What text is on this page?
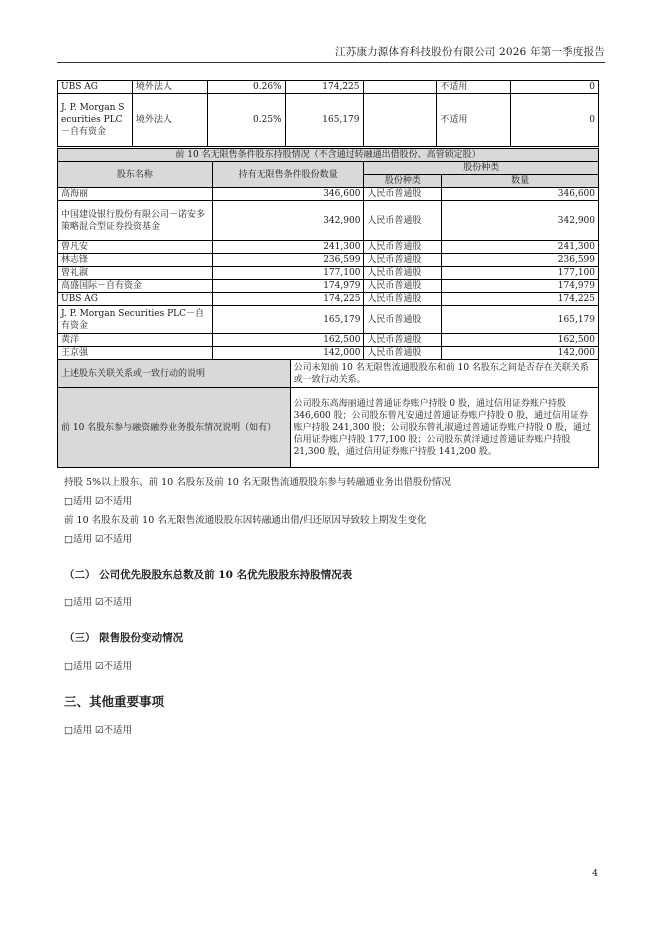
江苏康力源体育科技股份有限公司 2026 年第一季度报告
UBS AG	境外法人	0.26%	174,225		不适用	0
J. P. Morgan Securities PLC－自有资金	境外法人	0.25%	165,179		不适用	0
前 10 名无限售条件股东持股情况（不含通过转融通出借股份、高管锁定股）				
股东名称	持有无限售条件股份数量		股份种类	
			股份种类	数量
高海丽	346,600		人民币普通股	346,600
中国建设银行股份有限公司－诺安多策略混合型证券投资基金	342,900		人民币普通股	342,900
曾凡安	241,300		人民币普通股	241,300
林志锋	236,599		人民币普通股	236,599
曾礼淑	177,100		人民币普通股	177,100
高盛国际－自有资金	174,979		人民币普通股	174,979
UBS AG	174,225		人民币普通股	174,225
J. P. Morgan Securities PLC－自有资金	165,179		人民币普通股	165,179
黄洋	162,500		人民币普通股	162,500
王京强	142,000		人民币普通股	142,000
上述股东关联关系或一致行动的说明		公司未知前 10 名无限售流通股股东和前 10 名股东之间是否存在关联关系或一致行动关系。		
前 10 名股东参与融资融券业务股东情况说明（如有）		公司股东高海丽通过普通证券账户持股 0 股，通过信用证券账户持股 346,600 股；公司股东曾凡安通过普通证券账户持股 0 股，通过信用证券账户持股 241,300 股；公司股东曾礼淑通过普通证券账户持股 0 股，通过信用证券账户持股 177,100 股；公司股东黄洋通过普通证券账户持股 21,300 股，通过信用证券账户持股 141,200 股。		
持股 5%以上股东、前 10 名股东及前 10 名无限售流通股股东参与转融通业务出借股份情况
□适用 ☑不适用
前 10 名股东及前 10 名无限售流通股股东因转融通出借/归还原因导致较上期发生变化
□适用 ☑不适用
（二） 公司优先股股东总数及前 10 名优先股股东持股情况表
□适用 ☑不适用
（三） 限售股份变动情况
□适用 ☑不适用
三、其他重要事项
□适用 ☑不适用
4
